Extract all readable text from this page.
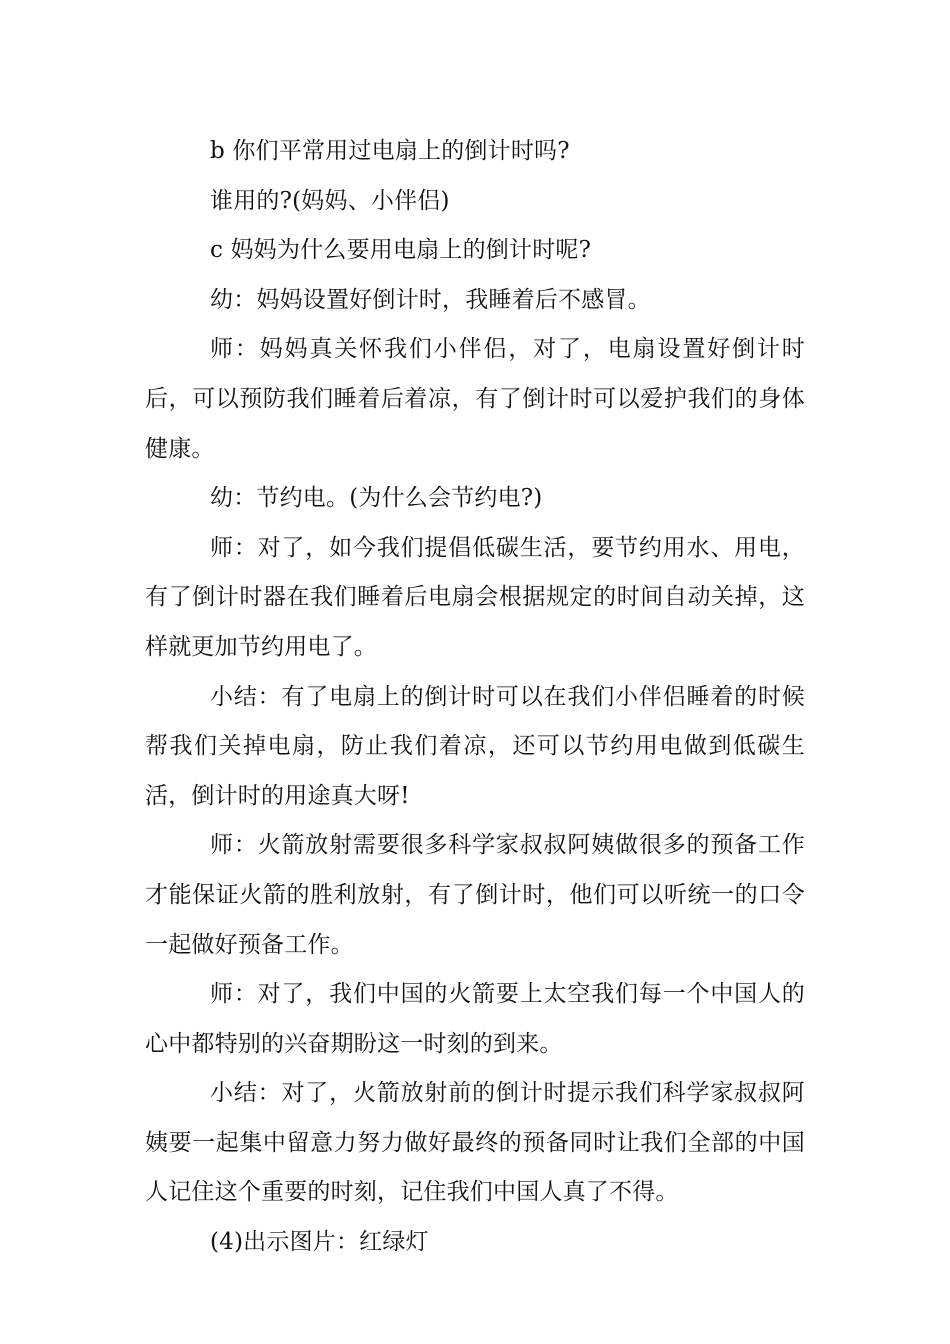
b 你们平常用过电扇上的倒计时吗?

谁用的?(妈妈、小伴侣)

c 妈妈为什么要用电扇上的倒计时呢?

幼：妈妈设置好倒计时，我睡着后不感冒。

师：妈妈真关怀我们小伴侣，对了，电扇设置好倒计时后，可以预防我们睡着后着凉，有了倒计时可以爱护我们的身体健康。

幼：节约电。(为什么会节约电?)

师：对了，如今我们提倡低碳生活，要节约用水、用电，有了倒计时器在我们睡着后电扇会根据规定的时间自动关掉，这样就更加节约用电了。

小结：有了电扇上的倒计时可以在我们小伴侣睡着的时候帮我们关掉电扇，防止我们着凉，还可以节约用电做到低碳生活，倒计时的用途真大呀!

师：火箭放射需要很多科学家叔叔阿姨做很多的预备工作才能保证火箭的胜利放射，有了倒计时，他们可以听统一的口令一起做好预备工作。

师：对了，我们中国的火箭要上太空我们每一个中国人的心中都特别的兴奋期盼这一时刻的到来。

小结：对了，火箭放射前的倒计时提示我们科学家叔叔阿姨要一起集中留意力努力做好最终的预备同时让我们全部的中国人记住这个重要的时刻，记住我们中国人真了不得。

(4)出示图片：红绿灯
